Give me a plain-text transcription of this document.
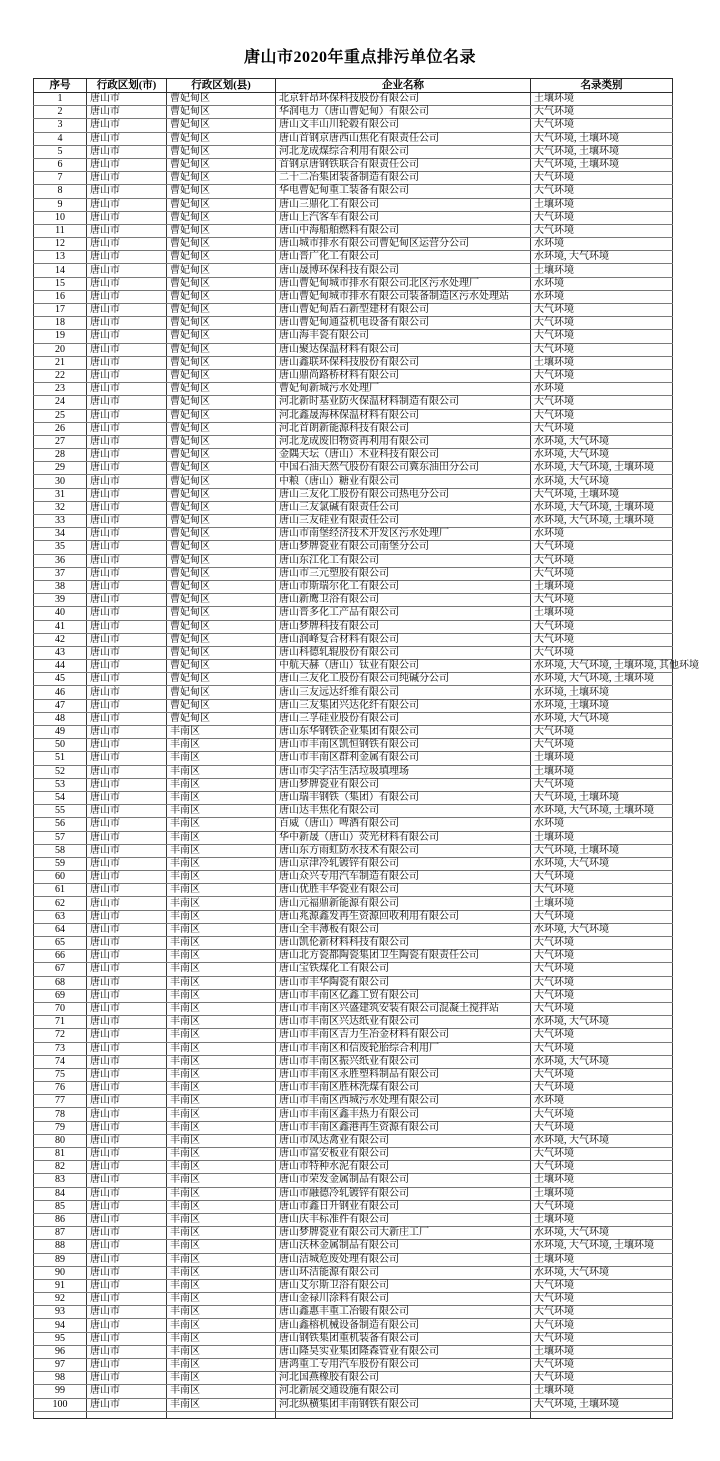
唐山市2020年重点排污单位名录
序号	行政区划(市)	行政区划(县)	企业名称	名录类别
1	唐山市	曹妃甸区	北京轩昂环保科技股份有限公司	土壤环境
2	唐山市	曹妃甸区	华润电力（唐山曹妃甸）有限公司	大气环境
3	唐山市	曹妃甸区	唐山文丰山川轮毂有限公司	大气环境
4	唐山市	曹妃甸区	唐山首钢京唐西山焦化有限责任公司	大气环境, 土壤环境
5	唐山市	曹妃甸区	河北龙成煤综合利用有限公司	大气环境, 土壤环境
6	唐山市	曹妃甸区	首钢京唐钢铁联合有限责任公司	大气环境, 土壤环境
7	唐山市	曹妃甸区	二十二冶集团装备制造有限公司	大气环境
8	唐山市	曹妃甸区	华电曹妃甸重工装备有限公司	大气环境
9	唐山市	曹妃甸区	唐山三鼎化工有限公司	土壤环境
10	唐山市	曹妃甸区	唐山上汽客车有限公司	大气环境
11	唐山市	曹妃甸区	唐山中海船舶燃料有限公司	大气环境
12	唐山市	曹妃甸区	唐山城市排水有限公司曹妃甸区运营分公司	水环境
13	唐山市	曹妃甸区	唐山晋广化工有限公司	水环境, 大气环境
14	唐山市	曹妃甸区	唐山晟博环保科技有限公司	土壤环境
15	唐山市	曹妃甸区	唐山曹妃甸城市排水有限公司北区污水处理厂	水环境
16	唐山市	曹妃甸区	唐山曹妃甸城市排水有限公司装备制造区污水处理站	水环境
17	唐山市	曹妃甸区	唐山曹妃甸盾石新型建材有限公司	大气环境
18	唐山市	曹妃甸区	唐山曹妃甸通益机电设备有限公司	大气环境
19	唐山市	曹妃甸区	唐山海丰瓷有限公司	大气环境
20	唐山市	曹妃甸区	唐山聚达保温材料有限公司	大气环境
21	唐山市	曹妃甸区	唐山鑫联环保科技股份有限公司	土壤环境
22	唐山市	曹妃甸区	唐山鼎尚路桥材料有限公司	大气环境
23	唐山市	曹妃甸区	曹妃甸新城污水处理厂	水环境
24	唐山市	曹妃甸区	河北新时基业防火保温材料制造有限公司	大气环境
25	唐山市	曹妃甸区	河北鑫晟海林保温材料有限公司	大气环境
26	唐山市	曹妃甸区	河北首朗新能源科技有限公司	大气环境
27	唐山市	曹妃甸区	河北龙成废旧物资再利用有限公司	水环境, 大气环境
28	唐山市	曹妃甸区	金隅天坛（唐山）木业科技有限公司	水环境, 大气环境
29	唐山市	曹妃甸区	中国石油天然气股份有限公司冀东油田分公司	水环境, 大气环境, 土壤环境
30	唐山市	曹妃甸区	中粮（唐山）糖业有限公司	水环境, 大气环境
31	唐山市	曹妃甸区	唐山三友化工股份有限公司热电分公司	大气环境, 土壤环境
32	唐山市	曹妃甸区	唐山三友氯碱有限责任公司	水环境, 大气环境, 土壤环境
33	唐山市	曹妃甸区	唐山三友硅业有限责任公司	水环境, 大气环境, 土壤环境
34	唐山市	曹妃甸区	唐山市南堡经济技术开发区污水处理厂	水环境
35	唐山市	曹妃甸区	唐山梦牌瓷业有限公司南堡分公司	大气环境
36	唐山市	曹妃甸区	唐山东江化工有限公司	大气环境
37	唐山市	曹妃甸区	唐山市三元塑胶有限公司	大气环境
38	唐山市	曹妃甸区	唐山市斯瑞尔化工有限公司	土壤环境
39	唐山市	曹妃甸区	唐山新鹰卫浴有限公司	大气环境
40	唐山市	曹妃甸区	唐山晋多化工产品有限公司	土壤环境
41	唐山市	曹妃甸区	唐山梦牌科技有限公司	大气环境
42	唐山市	曹妃甸区	唐山润峰复合材料有限公司	大气环境
43	唐山市	曹妃甸区	唐山科德轧辊股份有限公司	大气环境
44	唐山市	曹妃甸区	中航天赫（唐山）钛业有限公司	水环境, 大气环境, 土壤环境, 其他环境
45	唐山市	曹妃甸区	唐山三友化工股份有限公司纯碱分公司	水环境, 大气环境, 土壤环境
46	唐山市	曹妃甸区	唐山三友远达纤维有限公司	水环境, 土壤环境
47	唐山市	曹妃甸区	唐山三友集团兴达化纤有限公司	水环境, 土壤环境
48	唐山市	曹妃甸区	唐山三孚硅业股份有限公司	水环境, 大气环境
49	唐山市	丰南区	唐山东华钢铁企业集团有限公司	大气环境
50	唐山市	丰南区	唐山市丰南区凯恒钢铁有限公司	大气环境
51	唐山市	丰南区	唐山市丰南区群利金属有限公司	土壤环境
52	唐山市	丰南区	唐山市尖字沽生活垃圾填埋场	土壤环境
53	唐山市	丰南区	唐山梦牌瓷业有限公司	大气环境
54	唐山市	丰南区	唐山瑞丰钢铁（集团）有限公司	大气环境, 土壤环境
55	唐山市	丰南区	唐山达丰焦化有限公司	水环境, 大气环境, 土壤环境
56	唐山市	丰南区	百威（唐山）啤酒有限公司	水环境
57	唐山市	丰南区	华中新晟（唐山）荧光材料有限公司	土壤环境
58	唐山市	丰南区	唐山东方雨虹防水技术有限公司	大气环境, 土壤环境
59	唐山市	丰南区	唐山京津冷轧镀锌有限公司	水环境, 大气环境
60	唐山市	丰南区	唐山众兴专用汽车制造有限公司	大气环境
61	唐山市	丰南区	唐山优胜丰华瓷业有限公司	大气环境
62	唐山市	丰南区	唐山元福鼎新能源有限公司	土壤环境
63	唐山市	丰南区	唐山兆源鑫发再生资源回收利用有限公司	大气环境
64	唐山市	丰南区	唐山全丰薄板有限公司	水环境, 大气环境
65	唐山市	丰南区	唐山凯伦新材料科技有限公司	大气环境
66	唐山市	丰南区	唐山北方瓷都陶瓷集团卫生陶瓷有限责任公司	大气环境
67	唐山市	丰南区	唐山宝铁煤化工有限公司	大气环境
68	唐山市	丰南区	唐山市丰华陶瓷有限公司	大气环境
69	唐山市	丰南区	唐山市丰南区亿鑫工贸有限公司	大气环境
70	唐山市	丰南区	唐山市丰南区兴盛建筑安装有限公司混凝土搅拌站	大气环境
71	唐山市	丰南区	唐山市丰南区兴达纸业有限公司	水环境, 大气环境
72	唐山市	丰南区	唐山市丰南区吉力生冶金材料有限公司	大气环境
73	唐山市	丰南区	唐山市丰南区和信废轮胎综合利用厂	大气环境
74	唐山市	丰南区	唐山市丰南区振兴纸业有限公司	水环境, 大气环境
75	唐山市	丰南区	唐山市丰南区永胜塑料制品有限公司	大气环境
76	唐山市	丰南区	唐山市丰南区胜林洗煤有限公司	大气环境
77	唐山市	丰南区	唐山市丰南区西城污水处理有限公司	水环境
78	唐山市	丰南区	唐山市丰南区鑫丰热力有限公司	大气环境
79	唐山市	丰南区	唐山市丰南区鑫港再生资源有限公司	大气环境
80	唐山市	丰南区	唐山市凤达禽业有限公司	水环境, 大气环境
81	唐山市	丰南区	唐山市富安板业有限公司	大气环境
82	唐山市	丰南区	唐山市特种水泥有限公司	大气环境
83	唐山市	丰南区	唐山市荣发金属制品有限公司	土壤环境
84	唐山市	丰南区	唐山市融德冷轧镀锌有限公司	土壤环境
85	唐山市	丰南区	唐山市鑫日升钢业有限公司	大气环境
86	唐山市	丰南区	唐山庆丰标准件有限公司	土壤环境
87	唐山市	丰南区	唐山梦牌瓷业有限公司大新庄工厂	水环境, 大气环境
88	唐山市	丰南区	唐山沃林金属制品有限公司	水环境, 大气环境, 土壤环境
89	唐山市	丰南区	唐山洁城危废处理有限公司	土壤环境
90	唐山市	丰南区	唐山环洁能源有限公司	水环境, 大气环境
91	唐山市	丰南区	唐山艾尔斯卫浴有限公司	大气环境
92	唐山市	丰南区	唐山金禄川涂料有限公司	大气环境
93	唐山市	丰南区	唐山鑫惠丰重工冶锻有限公司	大气环境
94	唐山市	丰南区	唐山鑫榕机械设备制造有限公司	大气环境
95	唐山市	丰南区	唐山钢铁集团重机装备有限公司	大气环境
96	唐山市	丰南区	唐山隆昊实业集团隆森管业有限公司	土壤环境
97	唐山市	丰南区	唐鸿重工专用汽车股份有限公司	大气环境
98	唐山市	丰南区	河北国燕橡胶有限公司	大气环境
99	唐山市	丰南区	河北新展交通设施有限公司	土壤环境
100	唐山市	丰南区	河北纵横集团丰南钢铁有限公司	大气环境, 土壤环境
